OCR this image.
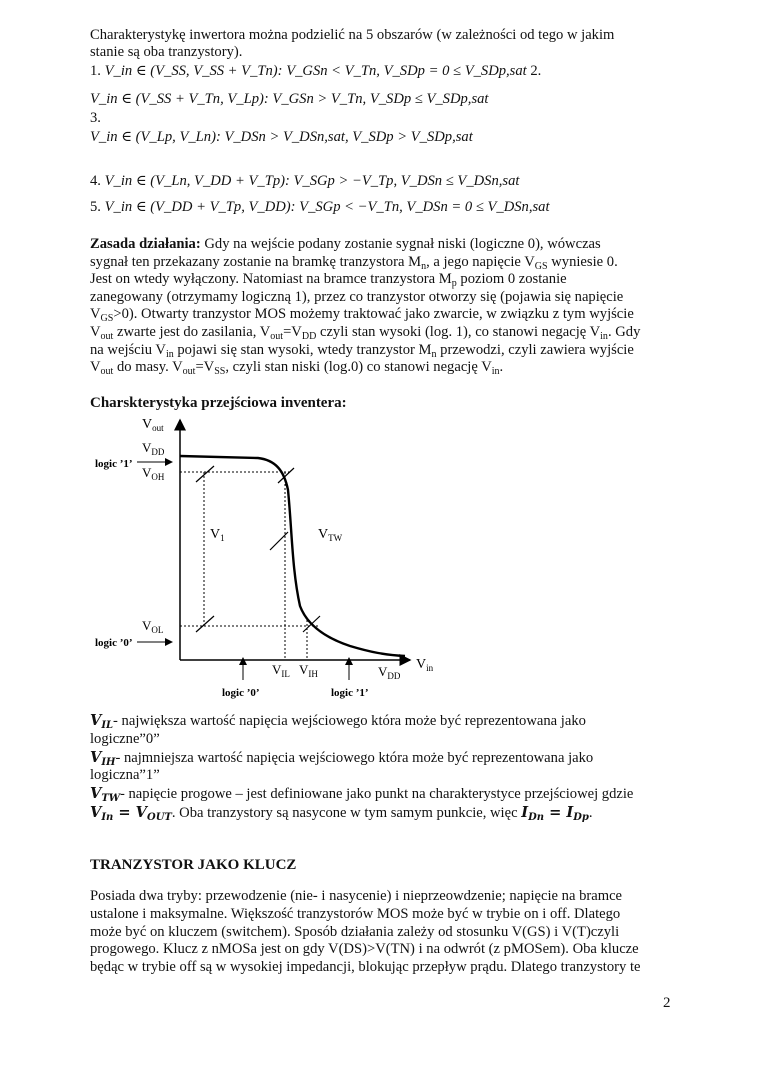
Charakterystykę inwertora można podzielić na 5 obszarów (w zależności od tego w jakim
stanie są oba tranzystory).
1. V_in ∈ (V_SS, V_SS + V_Tn): V_GSn < V_Tn, V_SDp = 0 ≤ V_SDp,sat 2.
V_in ∈ (V_SS + V_Tn, V_Lp): V_GSn > V_Tn, V_SDp ≤ V_SDp,sat
3.
V_in ∈ (V_Lp, V_Ln): V_DSn > V_DSn,sat, V_SDp > V_SDp,sat
4. V_in ∈ (V_Ln, V_DD + V_Tp): V_SGp > −V_Tp, V_DSn ≤ V_DSn,sat
5. V_in ∈ (V_DD + V_Tp, V_DD): V_SGp < −V_Tn, V_DSn = 0 ≤ V_DSn,sat
Zasada działania: Gdy na wejście podany zostanie sygnał niski (logiczne 0), wówczas
sygnał ten przekazany zostanie na bramkę tranzystora $M_n$, a jego napięcie $V_{GS}$ wyniesie 0.
Jest on wtedy wyłączony. Natomiast na bramce tranzystora $M_p$ poziom 0 zostanie
zanegowany (otrzymamy logiczną 1), przez co tranzystor otworzy się (pojawia się napięcie
$V_{GS}>0$). Otwarty tranzystor MOS możemy traktować jako zwarcie, w związku z tym wyjście
$V_{out}$ zwarte jest do zasilania, $V_{out}=V_{DD}$ czyli stan wysoki (log. 1), co stanowi negację $V_{in}$. Gdy
na wejściu $V_{in}$ pojawi się stan wysoki, wtedy tranzystor $M_n$ przewodzi, czyli zawiera wyjście
$V_{out}$ do masy. $V_{out}=V_{SS}$, czyli stan niski (log.0) co stanowi negację $V_{in}$.
Charskterystyka przejściowa inventera:
$V_{out}$
$V_{DD}$
$V_{OH}$
$V_{OL}$
$V_1$	$V_{TW}$
$V_{IL}$ $V_{IH}$	$V_{DD}$
$V_{in}$
logic ’1’
logic ’0’
logic ’0’	logic ’1’
$V_{IL}-$ największa wartość napięcia wejściowego która może być reprezentowana jako
logiczne”0”
$V_{IH}-$ najmniejsza wartość napięcia wejściowego która może być reprezentowana jako
logiczna”1”
$V_{TW}-$ napięcie progowe – jest definiowane jako punkt na charakterystyce przejściowej gdzie
$V_{In} = V_{OUT}$. Oba tranzystory są nasycone w tym samym punkcie, więc $I_{Dn} = I_{Dp}$.
TRANZYSTOR JAKO KLUCZ
Posiada dwa tryby: przewodzenie (nie- i nasycenie) i nieprzeowdzenie; napięcie na bramce
ustalone i maksymalne. Większość tranzystorów MOS może być w trybie on i off. Dlatego
może być on kluczem (switchem). Sposób działania zależy od stosunku V(GS) i V(T)czyli
progowego. Klucz z nMOSa jest on gdy V(DS)>V(TN) i na odwrót (z pMOSem). Oba klucze
będąc w trybie off są w wysokiej impedancji, blokując przepływ prądu. Dlatego tranzystory te
2
